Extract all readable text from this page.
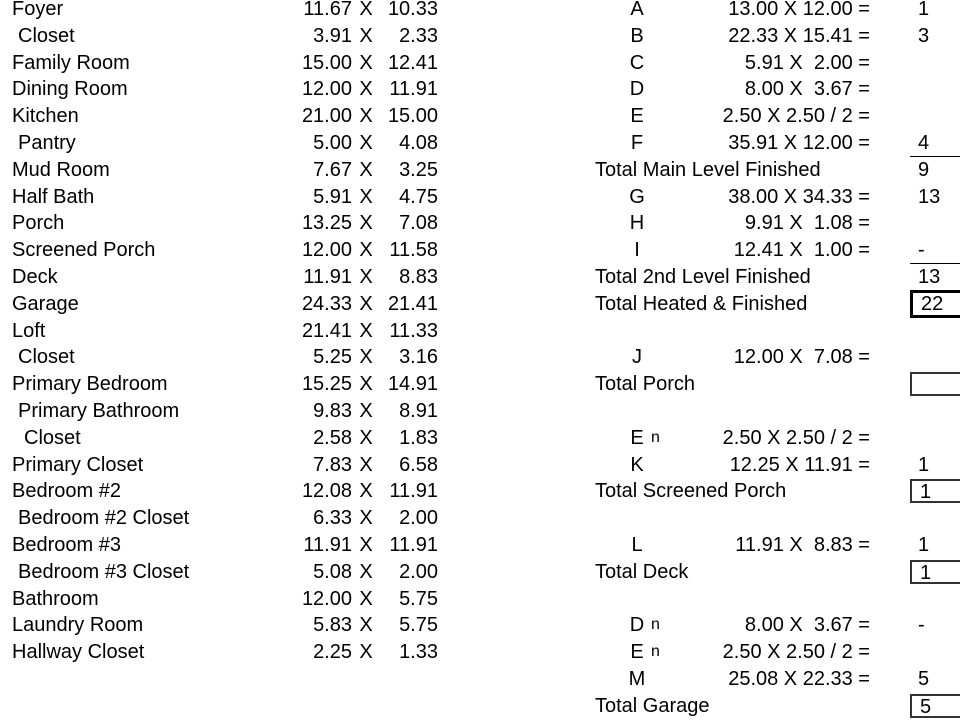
Foyer	11.67 X 10.33
Closet	3.91 X	2.33
Family Room	15.00 X 12.41
Dining Room	12.00 X 11.91
Kitchen	21.00 X 15.00
Pantry	5.00 X	4.08
Mud Room	7.67 X	3.25
Half Bath	5.91 X	4.75
Porch	13.25 X	7.08
Screened Porch	12.00 X 11.58
Deck	11.91 X	8.83
Garage	24.33 X 21.41
Loft	21.41 X 11.33
Closet	5.25 X	3.16
Primary Bedroom	15.25 X 14.91
Primary Bathroom	9.83 X	8.91
Closet	2.58 X	1.83
Primary Closet	7.83 X	6.58
Bedroom #2	12.08 X 11.91
Bedroom #2 Closet	6.33 X	2.00
Bedroom #3	11.91 X 11.91
Bedroom #3 Closet	5.08 X	2.00
Bathroom	12.00 X	5.75
Laundry Room	5.83 X	5.75
Hallway Closet	2.25 X	1.33
A	13.00 X 12.00 =	1
B	22.33 X 15.41 =	3
C	5.91 X  2.00 =
D	8.00 X  3.67 =
E	2.50 X 2.50 / 2 =
F	35.91 X 12.00 =	4
Total Main Level Finished	9
G	38.00 X 34.33 =	13
H	9.91 X  1.08 =
I	12.41 X  1.00 =	-
Total 2nd Level Finished	13
Total Heated & Finished	22
J	12.00 X  7.08 =
Total Porch
E n	2.50 X 2.50 / 2 =
K	12.25 X 11.91 =	1
Total Screened Porch	1
L	11.91 X  8.83 =	1
Total Deck	1
D n	8.00 X  3.67 =	-
E n	2.50 X 2.50 / 2 =
M	25.08 X 22.33 =	5
Total Garage	5
